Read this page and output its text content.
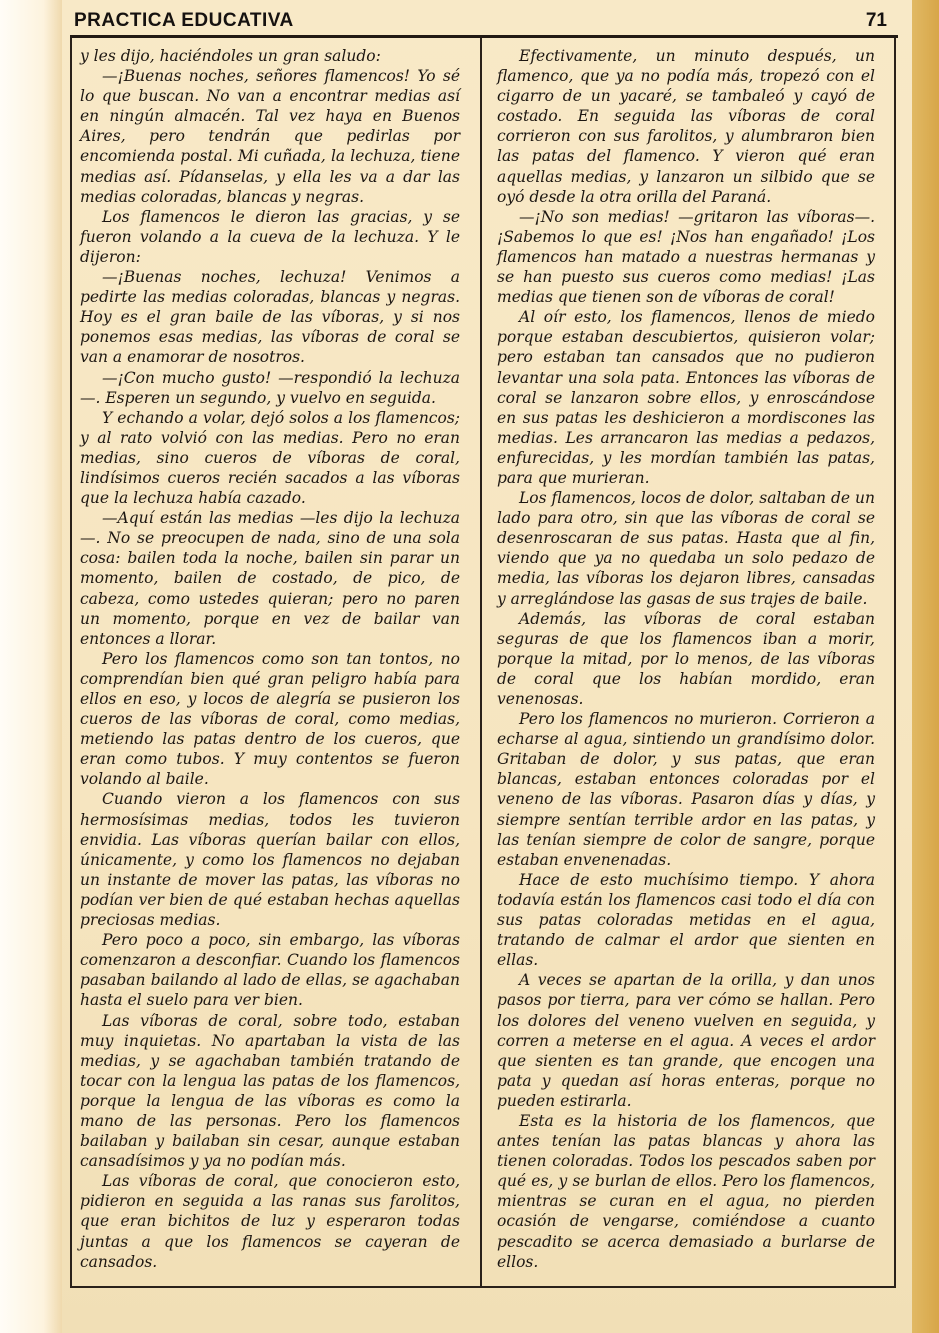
PRACTICA EDUCATIVA	71

y les dijo, haciéndoles un gran saludo:

—¡Buenas noches, señores flamencos! Yo sé lo que buscan. No van a encontrar medias así en ningún almacén. Tal vez haya en Buenos Aires, pero tendrán que pedirlas por encomienda postal. Mi cuñada, la lechuza, tiene medias así. Pídanselas, y ella les va a dar las medias coloradas, blancas y negras.

Los flamencos le dieron las gracias, y se fueron volando a la cueva de la lechuza. Y le dijeron:

—¡Buenas noches, lechuza! Venimos a pedirte las medias coloradas, blancas y negras. Hoy es el gran baile de las víboras, y si nos ponemos esas medias, las víboras de coral se van a enamorar de nosotros.

—¡Con mucho gusto! —respondió la lechuza—. Esperen un segundo, y vuelvo en seguida.

Y echando a volar, dejó solos a los flamencos; y al rato volvió con las medias. Pero no eran medias, sino cueros de víboras de coral, lindísimos cueros recién sacados a las víboras que la lechuza había cazado.

—Aquí están las medias —les dijo la lechuza—. No se preocupen de nada, sino de una sola cosa: bailen toda la noche, bailen sin parar un momento, bailen de costado, de pico, de cabeza, como ustedes quieran; pero no paren un momento, porque en vez de bailar van entonces a llorar.

Pero los flamencos como son tan tontos, no comprendían bien qué gran peligro había para ellos en eso, y locos de alegría se pusieron los cueros de las víboras de coral, como medias, metiendo las patas dentro de los cueros, que eran como tubos. Y muy contentos se fueron volando al baile.

Cuando vieron a los flamencos con sus hermosísimas medias, todos les tuvieron envidia. Las víboras querían bailar con ellos, únicamente, y como los flamencos no dejaban un instante de mover las patas, las víboras no podían ver bien de qué estaban hechas aquellas preciosas medias.

Pero poco a poco, sin embargo, las víboras comenzaron a desconfiar. Cuando los flamencos pasaban bailando al lado de ellas, se agachaban hasta el suelo para ver bien.

Las víboras de coral, sobre todo, estaban muy inquietas. No apartaban la vista de las medias, y se agachaban también tratando de tocar con la lengua las patas de los flamencos, porque la lengua de las víboras es como la mano de las personas. Pero los flamencos bailaban y bailaban sin cesar, aunque estaban cansadísimos y ya no podían más.

Las víboras de coral, que conocieron esto, pidieron en seguida a las ranas sus farolitos, que eran bichitos de luz y esperaron todas juntas a que los flamencos se cayeran de cansados.

Efectivamente, un minuto después, un flamenco, que ya no podía más, tropezó con el cigarro de un yacaré, se tambaleó y cayó de costado. En seguida las víboras de coral corrieron con sus farolitos, y alumbraron bien las patas del flamenco. Y vieron qué eran aquellas medias, y lanzaron un silbido que se oyó desde la otra orilla del Paraná.

—¡No son medias! —gritaron las víboras—. ¡Sabemos lo que es! ¡Nos han engañado! ¡Los flamencos han matado a nuestras hermanas y se han puesto sus cueros como medias! ¡Las medias que tienen son de víboras de coral!

Al oír esto, los flamencos, llenos de miedo porque estaban descubiertos, quisieron volar; pero estaban tan cansados que no pudieron levantar una sola pata. Entonces las víboras de coral se lanzaron sobre ellos, y enroscándose en sus patas les deshicieron a mordiscones las medias. Les arrancaron las medias a pedazos, enfurecidas, y les mordían también las patas, para que murieran.

Los flamencos, locos de dolor, saltaban de un lado para otro, sin que las víboras de coral se desenroscaran de sus patas. Hasta que al fin, viendo que ya no quedaba un solo pedazo de media, las víboras los dejaron libres, cansadas y arreglándose las gasas de sus trajes de baile.

Además, las víboras de coral estaban seguras de que los flamencos iban a morir, porque la mitad, por lo menos, de las víboras de coral que los habían mordido, eran venenosas.

Pero los flamencos no murieron. Corrieron a echarse al agua, sintiendo un grandísimo dolor. Gritaban de dolor, y sus patas, que eran blancas, estaban entonces coloradas por el veneno de las víboras. Pasaron días y días, y siempre sentían terrible ardor en las patas, y las tenían siempre de color de sangre, porque estaban envenenadas.

Hace de esto muchísimo tiempo. Y ahora todavía están los flamencos casi todo el día con sus patas coloradas metidas en el agua, tratando de calmar el ardor que sienten en ellas.

A veces se apartan de la orilla, y dan unos pasos por tierra, para ver cómo se hallan. Pero los dolores del veneno vuelven en seguida, y corren a meterse en el agua. A veces el ardor que sienten es tan grande, que encogen una pata y quedan así horas enteras, porque no pueden estirarla.

Esta es la historia de los flamencos, que antes tenían las patas blancas y ahora las tienen coloradas. Todos los pescados saben por qué es, y se burlan de ellos. Pero los flamencos, mientras se curan en el agua, no pierden ocasión de vengarse, comiéndose a cuanto pescadito se acerca demasiado a burlarse de ellos.
